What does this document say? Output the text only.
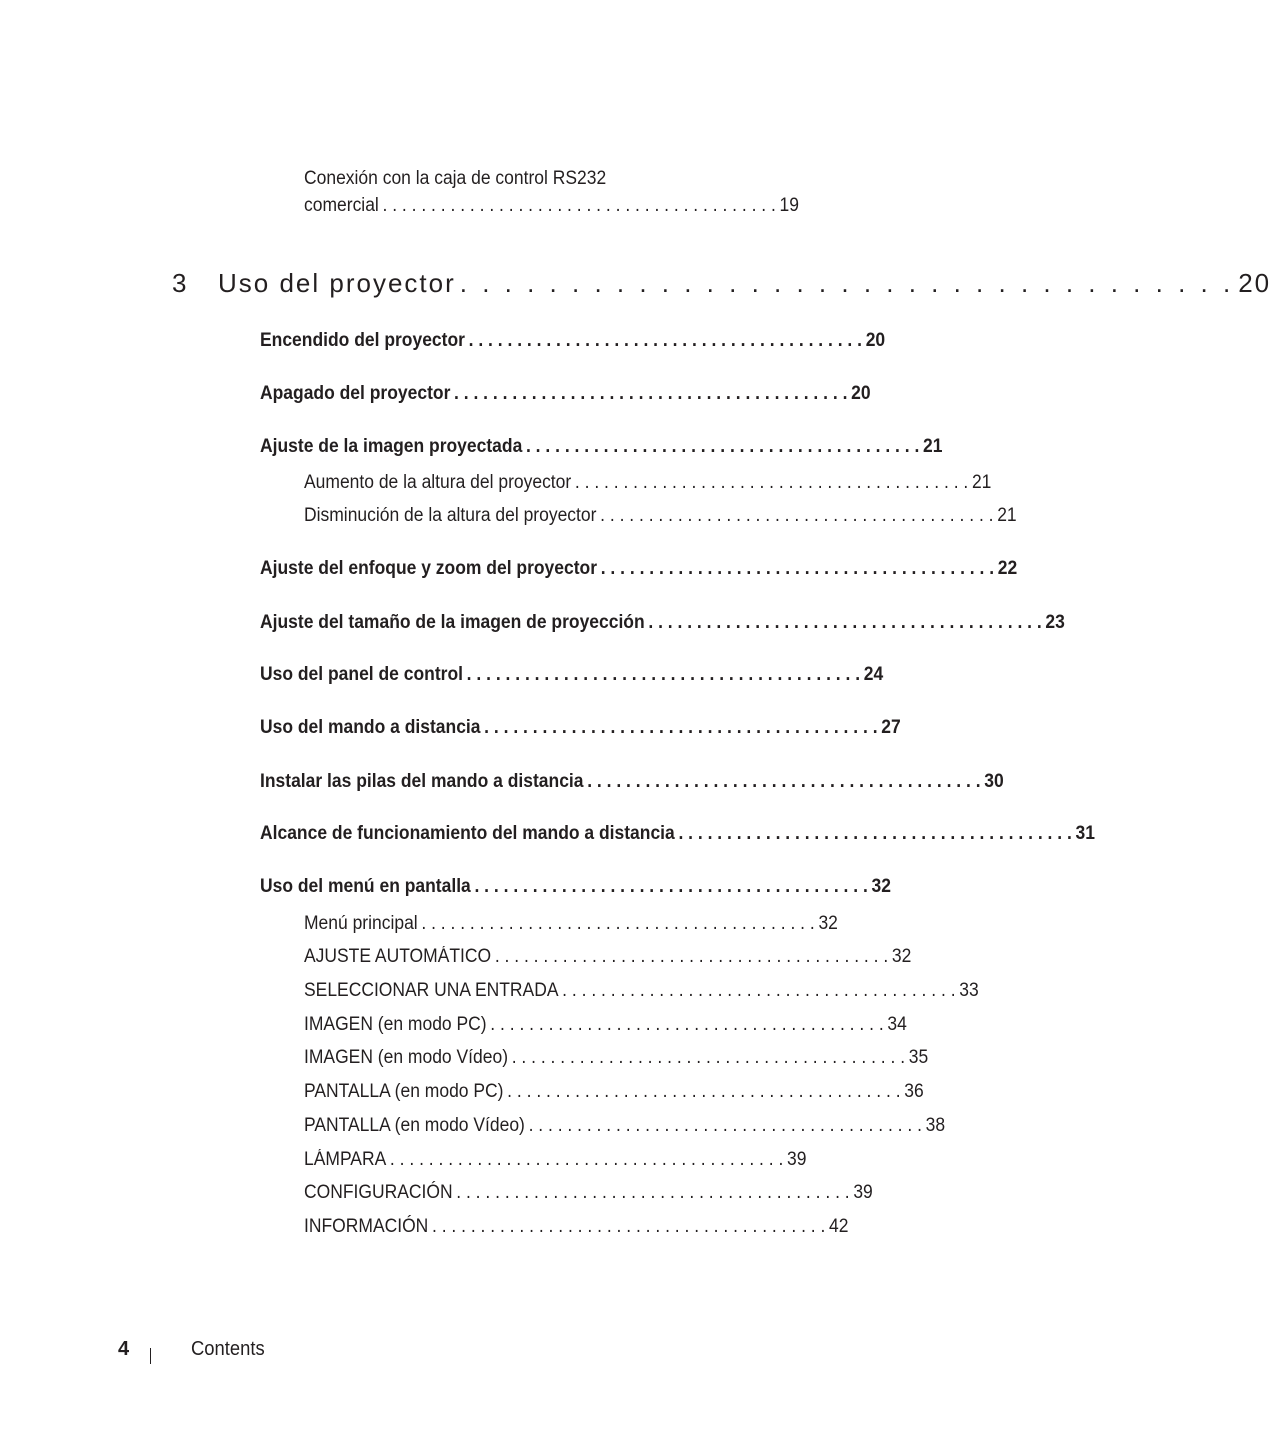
Conexión con la caja de control RS232
comercial . . . . . . . . . . . . . . . . . . . . . . . . . . . . . . . . . . . . . . . . . 19
3	Uso del proyector . . . . . . . . . . . . . . . . . . . . . . . . . . . . . . . . . . . 20
Encendido del proyector . . . . . . . . . . . . . . . . . . . . . . . . . . . . . . . . . . . . . . . . . 20
Apagado del proyector . . . . . . . . . . . . . . . . . . . . . . . . . . . . . . . . . . . . . . . . . 20
Ajuste de la imagen proyectada . . . . . . . . . . . . . . . . . . . . . . . . . . . . . . . . . . . . . . . . . 21
Aumento de la altura del proyector . . . . . . . . . . . . . . . . . . . . . . . . . . . . . . . . . . . . . . . . . 21
Disminución de la altura del proyector . . . . . . . . . . . . . . . . . . . . . . . . . . . . . . . . . . . . . . . . . 21
Ajuste del enfoque y zoom del proyector . . . . . . . . . . . . . . . . . . . . . . . . . . . . . . . . . . . . . . . . . 22
Ajuste del tamaño de la imagen de proyección . . . . . . . . . . . . . . . . . . . . . . . . . . . . . . . . . . . . . . . . . 23
Uso del panel de control . . . . . . . . . . . . . . . . . . . . . . . . . . . . . . . . . . . . . . . . . 24
Uso del mando a distancia . . . . . . . . . . . . . . . . . . . . . . . . . . . . . . . . . . . . . . . . . 27
Instalar las pilas del mando a distancia . . . . . . . . . . . . . . . . . . . . . . . . . . . . . . . . . . . . . . . . . 30
Alcance de funcionamiento del mando a distancia . . . . . . . . . . . . . . . . . . . . . . . . . . . . . . . . . . . . . . . . . 31
Uso del menú en pantalla . . . . . . . . . . . . . . . . . . . . . . . . . . . . . . . . . . . . . . . . . 32
Menú principal . . . . . . . . . . . . . . . . . . . . . . . . . . . . . . . . . . . . . . . . . 32
AJUSTE AUTOMÁTICO . . . . . . . . . . . . . . . . . . . . . . . . . . . . . . . . . . . . . . . . . 32
SELECCIONAR UNA ENTRADA . . . . . . . . . . . . . . . . . . . . . . . . . . . . . . . . . . . . . . . . . 33
IMAGEN (en modo PC) . . . . . . . . . . . . . . . . . . . . . . . . . . . . . . . . . . . . . . . . . 34
IMAGEN (en modo Vídeo) . . . . . . . . . . . . . . . . . . . . . . . . . . . . . . . . . . . . . . . . . 35
PANTALLA (en modo PC) . . . . . . . . . . . . . . . . . . . . . . . . . . . . . . . . . . . . . . . . . 36
PANTALLA (en modo Vídeo) . . . . . . . . . . . . . . . . . . . . . . . . . . . . . . . . . . . . . . . . . 38
LÁMPARA . . . . . . . . . . . . . . . . . . . . . . . . . . . . . . . . . . . . . . . . . 39
CONFIGURACIÓN . . . . . . . . . . . . . . . . . . . . . . . . . . . . . . . . . . . . . . . . . 39
INFORMACIÓN . . . . . . . . . . . . . . . . . . . . . . . . . . . . . . . . . . . . . . . . . 42
4	Contents
